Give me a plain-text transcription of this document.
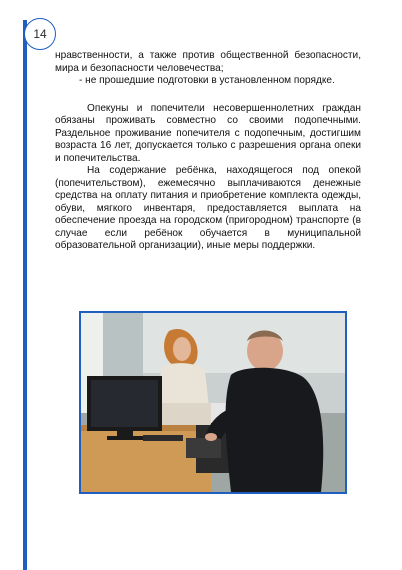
14

нравственности, а также против общественной безопасности, мира и безопасности человечества;

- не прошедшие подготовки в установленном порядке.

Опекуны и попечители несовершеннолетних граждан обязаны проживать совместно со своими подопечными. Раздельное проживание попечителя с подопечным, достигшим возраста 16 лет, допускается только с разрешения органа опеки и попечительства.

На содержание ребёнка, находящегося под опекой (попечительством), ежемесячно выплачиваются денежные средства на оплату питания и приобретение комплекта одежды, обуви, мягкого инвентаря, предоставляется выплата на обеспечение проезда на городском (пригородном) транспорте (в случае если ребёнок обучается в муниципальной образовательной организации), иные меры поддержки.
